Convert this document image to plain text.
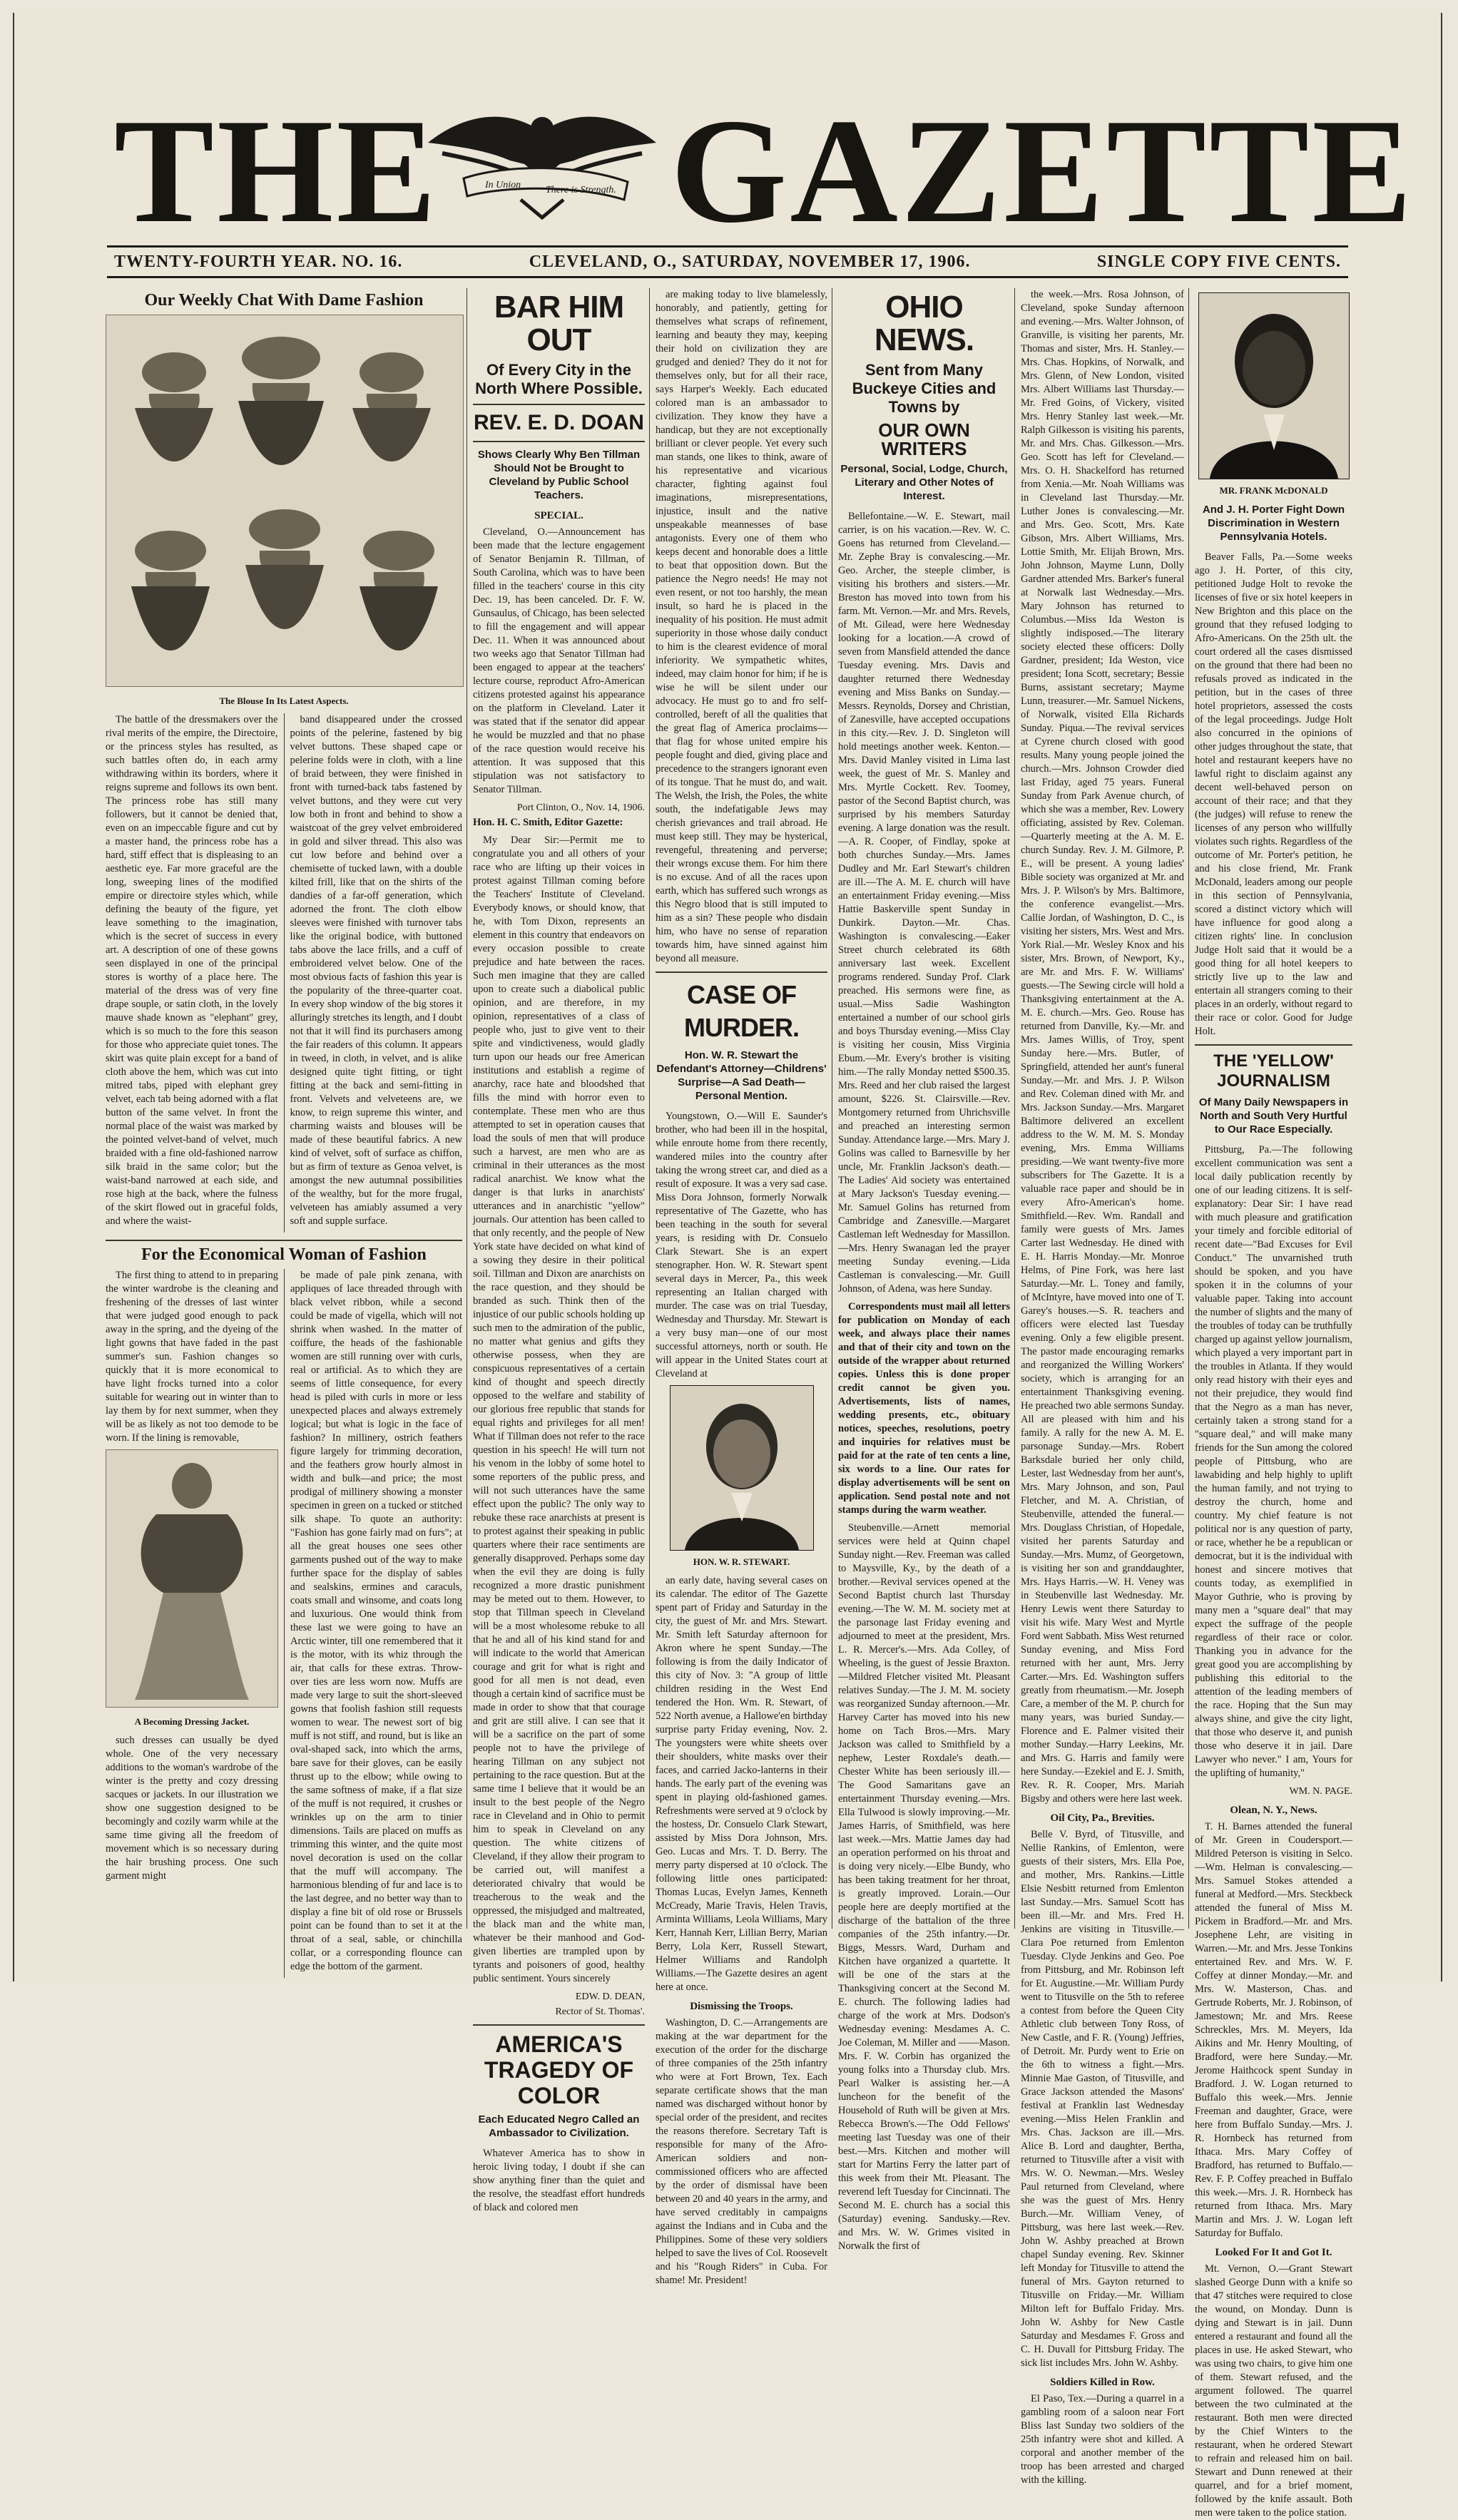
THE	In Union There is Strength. GAZETTE
TWENTY-FOURTH YEAR. NO. 16.	CLEVELAND, O., SATURDAY, NOVEMBER 17, 1906.	SINGLE COPY FIVE CENTS.
Our Weekly Chat With Dame Fashion
The Blouse In Its Latest Aspects.

The battle of the dressmakers over the rival merits of the empire, the Directoire, or the princess styles has resulted, as such battles often do, in each army withdrawing within its borders, where it reigns supreme and follows its own bent. The princess robe has still many followers, but it cannot be denied that, even on an impeccable figure and cut by a master hand, the princess robe has a hard, stiff effect that is displeasing to an aesthetic eye. Far more graceful are the long, sweeping lines of the modified empire or directoire styles which, while defining the beauty of the figure, yet leave something to the imagination, which is the secret of success in every art. A description of one of these gowns seen displayed in one of the principal stores is worthy of a place here. The material of the dress was of very fine drape souple, or satin cloth, in the lovely mauve shade known as "elephant" grey, which is so much to the fore this season for those who appreciate quiet tones. The skirt was quite plain except for a band of cloth above the hem, which was cut into mitred tabs, piped with elephant grey velvet, each tab being adorned with a flat button of the same velvet. In front the normal place of the waist was marked by the pointed velvet-band of velvet, much braided with a fine old-fashioned narrow silk braid in the same color; but the waist-band narrowed at each side, and rose high at the back, where the fulness of the skirt flowed out in graceful folds, and where the waist-

band disappeared under the crossed points of the pelerine, fastened by big velvet buttons. These shaped cape or pelerine folds were in cloth, with a line of braid between, they were finished in front with turned-back tabs fastened by velvet buttons, and they were cut very low both in front and behind to show a waistcoat of the grey velvet embroidered in gold and silver thread. This also was cut low before and behind over a chemisette of tucked lawn, with a double kilted frill, like that on the shirts of the dandies of a far-off generation, which adorned the front. The cloth elbow sleeves were finished with turnover tabs like the original bodice, with buttoned tabs above the lace frills, and a cuff of embroidered velvet below. One of the most obvious facts of fashion this year is the popularity of the three-quarter coat. In every shop window of the big stores it alluringly stretches its length, and I doubt not that it will find its purchasers among the fair readers of this column. It appears in tweed, in cloth, in velvet, and is alike designed quite tight fitting, or tight fitting at the back and semi-fitting in front. Velvets and velveteens are, we know, to reign supreme this winter, and charming waists and blouses will be made of these beautiful fabrics. A new kind of velvet, soft of surface as chiffon, but as firm of texture as Genoa velvet, is amongst the new autumnal possibilities of the wealthy, but for the more frugal, velveteen has amiably assumed a very soft and supple surface.

For the Economical Woman of Fashion

The first thing to attend to in preparing the winter wardrobe is the cleaning and freshening of the dresses of last winter that were judged good enough to pack away in the spring, and the dyeing of the light gowns that have faded in the past summer's sun. Fashion changes so quickly that it is more economical to have light frocks turned into a color suitable for wearing out in winter than to lay them by for next summer, when they will be as likely as not too demode to be worn. If the lining is removable,

A Becoming Dressing Jacket.

such dresses can usually be dyed whole. One of the very necessary additions to the woman's wardrobe of the winter is the pretty and cozy dressing sacques or jackets. In our illustration we show one suggestion designed to be becomingly and cozily warm while at the same time giving all the freedom of movement which is so necessary during the hair brushing process. One such garment might

be made of pale pink zenana, with appliques of lace threaded through with black velvet ribbon, while a second could be made of vigella, which will not shrink when washed. In the matter of coiffure, the heads of the fashionable women are still running over with curls, real or artificial. As to which they are seems of little consequence, for every head is piled with curls in more or less unexpected places and always extremely logical; but what is logic in the face of fashion? In millinery, ostrich feathers figure largely for trimming decoration, and the feathers grow hourly almost in width and bulk—and price; the most prodigal of millinery showing a monster specimen in green on a tucked or stitched silk shape. To quote an authority: "Fashion has gone fairly mad on furs"; at all the great houses one sees other garments pushed out of the way to make further space for the display of sables and sealskins, ermines and caraculs, coats small and winsome, and coats long and luxurious. One would think from these last we were going to have an Arctic winter, till one remembered that it is the motor, with its whiz through the air, that calls for these extras. Throw-over ties are less worn now. Muffs are made very large to suit the short-sleeved gowns that foolish fashion still requests women to wear. The newest sort of big muff is not stiff, and round, but is like an oval-shaped sack, into which the arms, bare save for their gloves, can be easily thrust up to the elbow; while owing to the same softness of make, if a flat size of the muff is not required, it crushes or wrinkles up on the arm to tinier dimensions. Tails are placed on muffs as trimming this winter, and the quite most novel decoration is used on the collar that the muff will accompany. The harmonious blending of fur and lace is to the last degree, and no better way than to display a fine bit of old rose or Brussels point can be found than to set it at the throat of a seal, sable, or chinchilla collar, or a corresponding flounce can edge the bottom of the garment.

BAR HIM OUT
Of Every City in the North Where Possible.
REV. E. D. DOAN
Shows Clearly Why Ben Tillman Should Not be Brought to Cleveland by Public School Teachers.
SPECIAL.

Cleveland, O.—Announcement has been made that the lecture engagement of Senator Benjamin R. Tillman, of South Carolina, which was to have been filled in the teachers' course in this city Dec. 19, has been canceled. Dr. F. W. Gunsaulus, of Chicago, has been selected to fill the engagement and will appear Dec. 11. When it was announced about two weeks ago that Senator Tillman had been engaged to appear at the teachers' lecture course, reproduct Afro-American citizens protested against his appearance on the platform in Cleveland. Later it was stated that if the senator did appear he would be muzzled and that no phase of the race question would receive his attention. It was supposed that this stipulation was not satisfactory to Senator Tillman.

Port Clinton, O., Nov. 14, 1906.

Hon. H. C. Smith, Editor Gazette:

My Dear Sir:—Permit me to congratulate you and all others of your race who are lifting up their voices in protest against Tillman coming before the Teachers' Institute of Cleveland. Everybody knows, or should know, that he, with Tom Dixon, represents an element in this country that endeavors on every occasion possible to create prejudice and hate between the races. Such men imagine that they are called upon to create such a diabolical public opinion, and are therefore, in my opinion, representatives of a class of people who, just to give vent to their spite and vindictiveness, would gladly turn upon our heads our free American institutions and establish a regime of anarchy, race hate and bloodshed that fills the mind with horror even to contemplate. These men who are thus attempted to set in operation causes that load the souls of men that will produce such a harvest, are men who are as criminal in their utterances as the most radical anarchist. We know what the danger is that lurks in anarchists' utterances and in anarchistic "yellow" journals. Our attention has been called to that only recently, and the people of New York state have decided on what kind of a sowing they desire in their political soil. Tillman and Dixon are anarchists on the race question, and they should be branded as such. Think then of the injustice of our public schools holding up such men to the admiration of the public, no matter what genius and gifts they otherwise possess, when they are conspicuous representatives of a certain kind of thought and speech directly opposed to the welfare and stability of our glorious free republic that stands for equal rights and privileges for all men! What if Tillman does not refer to the race question in his speech! He will turn not his venom in the lobby of some hotel to some reporters of the public press, and will not such utterances have the same effect upon the public? The only way to rebuke these race anarchists at present is to protest against their speaking in public quarters where their race sentiments are generally disapproved. Perhaps some day when the evil they are doing is fully recognized a more drastic punishment may be meted out to them. However, to stop that Tillman speech in Cleveland will be a most wholesome rebuke to all that he and all of his kind stand for and will indicate to the world that American courage and grit for what is right and good for all men is not dead, even though a certain kind of sacrifice must be made in order to show that that courage and grit are still alive. I can see that it will be a sacrifice on the part of some people not to have the privilege of hearing Tillman on any subject not pertaining to the race question. But at the same time I believe that it would be an insult to the best people of the Negro race in Cleveland and in Ohio to permit him to speak in Cleveland on any question. The white citizens of Cleveland, if they allow their program to be carried out, will manifest a deteriorated chivalry that would be treacherous to the weak and the oppressed, the misjudged and maltreated, the black man and the white man, whatever be their manhood and God-given liberties are trampled upon by tyrants and poisoners of good, healthy public sentiment. Yours sincerely

EDW. D. DEAN,

Rector of St. Thomas'.

AMERICA'S TRAGEDY OF COLOR
Each Educated Negro Called an Ambassador to Civilization.

Whatever America has to show in heroic living today, I doubt if she can show anything finer than the quiet and the resolve, the steadfast effort hundreds of black and colored men

are making today to live blamelessly, honorably, and patiently, getting for themselves what scraps of refinement, learning and beauty they may, keeping their hold on civilization they are grudged and denied? They do it not for themselves only, but for all their race, says Harper's Weekly. Each educated colored man is an ambassador to civilization. They know they have a handicap, but they are not exceptionally brilliant or clever people. Yet every such man stands, one likes to think, aware of his representative and vicarious character, fighting against foul imaginations, misrepresentations, injustice, insult and the native unspeakable meannesses of base antagonists. Every one of them who keeps decent and honorable does a little to beat that opposition down. But the patience the Negro needs! He may not even resent, or not too harshly, the mean insult, so hard he is placed in the inequality of his position. He must admit superiority in those whose daily conduct to him is the clearest evidence of moral inferiority. We sympathetic whites, indeed, may claim honor for him; if he is wise he will be silent under our advocacy. He must go to and fro self-controlled, bereft of all the qualities that the great flag of America proclaims—that flag for whose united empire his people fought and died, giving place and precedence to the strangers ignorant even of its tongue. That he must do, and wait. The Welsh, the Irish, the Poles, the white south, the indefatigable Jews may cherish grievances and trail abroad. He must keep still. They may be hysterical, revengeful, threatening and perverse; their wrongs excuse them. For him there is no excuse. And of all the races upon earth, which has suffered such wrongs as this Negro blood that is still imputed to him as a sin? These people who disdain him, who have no sense of reparation towards him, have sinned against him beyond all measure.

CASE OF MURDER.
Hon. W. R. Stewart the Defendant's Attorney—Childrens' Surprise—A Sad Death—Personal Mention.

Youngstown, O.—Will E. Saunder's brother, who had been ill in the hospital, while enroute home from there recently, wandered miles into the country after taking the wrong street car, and died as a result of exposure. It was a very sad case. Miss Dora Johnson, formerly Norwalk representative of The Gazette, who has been teaching in the south for several years, is residing with Dr. Consuelo Clark Stewart. She is an expert stenographer. Hon. W. R. Stewart spent several days in Mercer, Pa., this week representing an Italian charged with murder. The case was on trial Tuesday, Wednesday and Thursday. Mr. Stewart is a very busy man—one of our most successful attorneys, north or south. He will appear in the United States court at Cleveland at

HON. W. R. STEWART.

an early date, having several cases on its calendar. The editor of The Gazette spent part of Friday and Saturday in the city, the guest of Mr. and Mrs. Stewart. Mr. Smith left Saturday afternoon for Akron where he spent Sunday.—The following is from the daily Indicator of this city of Nov. 3: "A group of little children residing in the West End tendered the Hon. Wm. R. Stewart, of 522 North avenue, a Hallowe'en birthday surprise party Friday evening, Nov. 2. The youngsters were white sheets over their shoulders, white masks over their faces, and carried Jacko-lanterns in their hands. The early part of the evening was spent in playing old-fashioned games. Refreshments were served at 9 o'clock by the hostess, Dr. Consuelo Clark Stewart, assisted by Miss Dora Johnson, Mrs. Geo. Lucas and Mrs. T. D. Berry. The merry party dispersed at 10 o'clock. The following little ones participated: Thomas Lucas, Evelyn James, Kenneth McCready, Marie Travis, Helen Travis, Arminta Williams, Leola Williams, Mary Kerr, Hannah Kerr, Lillian Berry, Marian Berry, Lola Kerr, Russell Stewart, Helmer Williams and Randolph Williams.—The Gazette desires an agent here at once.

Dismissing the Troops.

Washington, D. C.—Arrangements are making at the war department for the execution of the order for the discharge of three companies of the 25th infantry who were at Fort Brown, Tex. Each separate certificate shows that the man named was discharged without honor by special order of the president, and recites the reasons therefore. Secretary Taft is responsible for many of the Afro-American soldiers and non-commissioned officers who are affected by the order of dismissal have been between 20 and 40 years in the army, and have served creditably in campaigns against the Indians and in Cuba and the Philippines. Some of these very soldiers helped to save the lives of Col. Roosevelt and his "Rough Riders" in Cuba. For shame! Mr. President!

OHIO NEWS.
Sent from Many Buckeye Cities and Towns by
OUR OWN WRITERS
Personal, Social, Lodge, Church, Literary and Other Notes of Interest.

Bellefontaine.—W. E. Stewart, mail carrier, is on his vacation.—Rev. W. C. Goens has returned from Cleveland.—Mr. Zephe Bray is convalescing.—Mr. Geo. Archer, the steeple climber, is visiting his brothers and sisters.—Mr. Breston has moved into town from his farm. Mt. Vernon.—Mr. and Mrs. Revels, of Mt. Gilead, were here Wednesday looking for a location.—A crowd of seven from Mansfield attended the dance Tuesday evening. Mrs. Davis and daughter returned there Wednesday evening and Miss Banks on Sunday.—Messrs. Reynolds, Dorsey and Christian, of Zanesville, have accepted occupations in this city.—Rev. J. D. Singleton will hold meetings another week. Kenton.—Mrs. David Manley visited in Lima last week, the guest of Mr. S. Manley and Mrs. Myrtle Cockett. Rev. Toomey, pastor of the Second Baptist church, was surprised by his members Saturday evening. A large donation was the result.—A. R. Cooper, of Findlay, spoke at both churches Sunday.—Mrs. James Dudley and Mr. Earl Stewart's children are ill.—The A. M. E. church will have an entertainment Friday evening.—Miss Hattie Baskerville spent Sunday in Dunkirk. Dayton.—Mr. Chas. Washington is convalescing.—Eaker Street church celebrated its 68th anniversary last week. Excellent programs rendered. Sunday Prof. Clark preached. His sermons were fine, as usual.—Miss Sadie Washington entertained a number of our school girls and boys Thursday evening.—Miss Clay is visiting her cousin, Miss Virginia Ebum.—Mr. Every's brother is visiting him.—The rally Monday netted $500.35. Mrs. Reed and her club raised the largest amount, $226. St. Clairsville.—Rev. Montgomery returned from Uhrichsville and preached an interesting sermon Sunday. Attendance large.—Mrs. Mary J. Golins was called to Barnesville by her uncle, Mr. Franklin Jackson's death.—The Ladies' Aid society was entertained at Mary Jackson's Tuesday evening.—Mr. Samuel Golins has returned from Cambridge and Zanesville.—Margaret Castleman left Wednesday for Massillon.—Mrs. Henry Swanagan led the prayer meeting Sunday evening.—Lida Castleman is convalescing.—Mr. Guill Johnson, of Adena, was here Sunday.

Correspondents must mail all letters for publication on Monday of each week, and always place their names and that of their city and town on the outside of the wrapper about returned copies. Unless this is done proper credit cannot be given you. Advertisements, lists of names, wedding presents, etc., obituary notices, speeches, resolutions, poetry and inquiries for relatives must be paid for at the rate of ten cents a line, six words to a line. Our rates for display advertisements will be sent on application. Send postal note and not stamps during the warm weather.

Steubenville.—Arnett memorial services were held at Quinn chapel Sunday night.—Rev. Freeman was called to Maysville, Ky., by the death of a brother.—Revival services opened at the Second Baptist church last Thursday evening.—The W. M. M. society met at the parsonage last Friday evening and adjourned to meet at the president, Mrs. L. R. Mercer's.—Mrs. Ada Colley, of Wheeling, is the guest of Jessie Braxton.—Mildred Fletcher visited Mt. Pleasant relatives Sunday.—The J. M. M. society was reorganized Sunday afternoon.—Mr. Harvey Carter has moved into his new home on Tach Bros.—Mrs. Mary Jackson was called to Smithfield by a nephew, Lester Roxdale's death.—Chester White has been seriously ill.—The Good Samaritans gave an entertainment Thursday evening.—Mrs. Ella Tulwood is slowly improving.—Mr. James Harris, of Smithfield, was here last week.—Mrs. Mattie James day had an operation performed on his throat and is doing very nicely.—Elbe Bundy, who has been taking treatment for her throat, is greatly improved. Lorain.—Our people here are deeply mortified at the discharge of the battalion of the three companies of the 25th infantry.—Dr. Biggs, Messrs. Ward, Durham and Kitchen have organized a quartette. It will be one of the stars at the Thanksgiving concert at the Second M. E. church. The following ladies had charge of the work at Mrs. Dodson's Wednesday evening: Mesdames A. C. Joe Coleman, M. Miller and ——Mason. Mrs. F. W. Corbin has organized the young folks into a Thursday club. Mrs. Pearl Walker is assisting her.—A luncheon for the benefit of the Household of Ruth will be given at Mrs. Rebecca Brown's.—The Odd Fellows' meeting last Tuesday was one of their best.—Mrs. Kitchen and mother will start for Martins Ferry the latter part of this week from their Mt. Pleasant. The reverend left Tuesday for Cincinnati. The Second M. E. church has a social this (Saturday) evening. Sandusky.—Rev. and Mrs. W. W. Grimes visited in Norwalk the first of

the week.—Mrs. Rosa Johnson, of Cleveland, spoke Sunday afternoon and evening.—Mrs. Walter Johnson, of Granville, is visiting her parents, Mr. Thomas and sister, Mrs. H. Stanley.—Mrs. Chas. Hopkins, of Norwalk, and Mrs. Glenn, of New London, visited Mrs. Albert Williams last Thursday.—Mr. Fred Goins, of Vickery, visited Mrs. Henry Stanley last week.—Mr. Ralph Gilkesson is visiting his parents, Mr. and Mrs. Chas. Gilkesson.—Mrs. Geo. Scott has left for Cleveland.—Mrs. O. H. Shackelford has returned from Xenia.—Mr. Noah Williams was in Cleveland last Thursday.—Mr. Luther Jones is convalescing.—Mr. and Mrs. Geo. Scott, Mrs. Kate Gibson, Mrs. Albert Williams, Mrs. Lottie Smith, Mr. Elijah Brown, Mrs. John Johnson, Mayme Lunn, Dolly Gardner attended Mrs. Barker's funeral at Norwalk last Wednesday.—Mrs. Mary Johnson has returned to Columbus.—Miss Ida Weston is slightly indisposed.—The literary society elected these officers: Dolly Gardner, president; Ida Weston, vice president; Iona Scott, secretary; Bessie Burns, assistant secretary; Mayme Lunn, treasurer.—Mr. Samuel Nickens, of Norwalk, visited Ella Richards Sunday. Piqua.—The revival services at Cyrene church closed with good results. Many young people joined the church.—Mrs. Johnson Crowder died last Friday, aged 75 years. Funeral Sunday from Park Avenue church, of which she was a member, Rev. Lowery officiating, assisted by Rev. Coleman.—Quarterly meeting at the A. M. E. church Sunday. Rev. J. M. Gilmore, P. E., will be present. A young ladies' Bible society was organized at Mr. and Mrs. J. P. Wilson's by Mrs. Baltimore, the conference evangelist.—Mrs. Callie Jordan, of Washington, D. C., is visiting her sisters, Mrs. West and Mrs. York Rial.—Mr. Wesley Knox and his sister, Mrs. Brown, of Newport, Ky., are Mr. and Mrs. F. W. Williams' guests.—The Sewing circle will hold a Thanksgiving entertainment at the A. M. E. church.—Mrs. Geo. Rouse has returned from Danville, Ky.—Mr. and Mrs. James Willis, of Troy, spent Sunday here.—Mrs. Butler, of Springfield, attended her aunt's funeral Sunday.—Mr. and Mrs. J. P. Wilson and Rev. Coleman dined with Mr. and Mrs. Jackson Sunday.—Mrs. Margaret Baltimore delivered an excellent address to the W. M. M. S. Monday evening, Mrs. Emma Williams presiding.—We want twenty-five more subscribers for The Gazette. It is a valuable race paper and should be in every Afro-American's home. Smithfield.—Rev. Wm. Randall and family were guests of Mrs. James Carter last Wednesday. He dined with E. H. Harris Monday.—Mr. Monroe Helms, of Pine Fork, was here last Saturday.—Mr. L. Toney and family, of McIntyre, have moved into one of T. Garey's houses.—S. R. teachers and officers were elected last Tuesday evening. Only a few eligible present. The pastor made encouraging remarks and reorganized the Willing Workers' society, which is arranging for an entertainment Thanksgiving evening. He preached two able sermons Sunday. All are pleased with him and his family. A rally for the new A. M. E. parsonage Sunday.—Mrs. Robert Barksdale buried her only child, Lester, last Wednesday from her aunt's, Mrs. Mary Johnson, and son, Paul Fletcher, and M. A. Christian, of Steubenville, attended the funeral.—Mrs. Douglass Christian, of Hopedale, visited her parents Saturday and Sunday.—Mrs. Mumz, of Georgetown, is visiting her son and granddaughter, Mrs. Hays Harris.—W. H. Veney was in Steubenville last Wednesday. Mr. Henry Lewis went there Saturday to visit his wife. Mary West and Myrtle Ford went Sabbath. Miss West returned Sunday evening, and Miss Ford returned with her aunt, Mrs. Jerry Carter.—Mrs. Ed. Washington suffers greatly from rheumatism.—Mr. Joseph Care, a member of the M. P. church for many years, was buried Sunday.—Florence and E. Palmer visited their mother Sunday.—Harry Leekins, Mr. and Mrs. G. Harris and family were here Sunday.—Ezekiel and E. J. Smith, Rev. R. R. Cooper, Mrs. Mariah Bigsby and others were here last week.

Oil City, Pa., Brevities.

Belle V. Byrd, of Titusville, and Nellie Rankins, of Emlenton, were guests of their sisters, Mrs. Ella Poe, and mother, Mrs. Rankins.—Little Elsie Nesbitt returned from Emlenton last Sunday.—Mrs. Samuel Scott has been ill.—Mr. and Mrs. Fred H. Jenkins are visiting in Titusville.—Clara Poe returned from Emlenton Tuesday. Clyde Jenkins and Geo. Poe from Pittsburg, and Mr. Robinson left for Et. Augustine.—Mr. William Purdy went to Titusville on the 5th to referee a contest from before the Queen City Athletic club between Tony Ross, of New Castle, and F. R. (Young) Jeffries, of Detroit. Mr. Purdy went to Erie on the 6th to witness a fight.—Mrs. Minnie Mae Gaston, of Titusville, and Grace Jackson attended the Masons' festival at Franklin last Wednesday evening.—Miss Helen Franklin and Mrs. Chas. Jackson are ill.—Mrs. Alice B. Lord and daughter, Bertha, returned to Titusville after a visit with Mrs. W. O. Newman.—Mrs. Wesley Paul returned from Cleveland, where she was the guest of Mrs. Henry Burch.—Mr. William Veney, of Pittsburg, was here last week.—Rev. John W. Ashby preached at Brown chapel Sunday evening. Rev. Skinner left Monday for Titusville to attend the funeral of Mrs. Gayton returned to Titusville on Friday.—Mr. William Milton left for Buffalo Friday. Mrs. John W. Ashby for New Castle Saturday and Mesdames F. Gross and C. H. Duvall for Pittsburg Friday. The sick list includes Mrs. John W. Ashby.

Soldiers Killed in Row.

El Paso, Tex.—During a quarrel in a gambling room of a saloon near Fort Bliss last Sunday two soldiers of the 25th infantry were shot and killed. A corporal and another member of the troop has been arrested and charged with the killing.

MR. FRANK McDONALD
And J. H. Porter Fight Down Discrimination in Western Pennsylvania Hotels.

Beaver Falls, Pa.—Some weeks ago J. H. Porter, of this city, petitioned Judge Holt to revoke the licenses of five or six hotel keepers in New Brighton and this place on the ground that they refused lodging to Afro-Americans. On the 25th ult. the court ordered all the cases dismissed on the ground that there had been no refusals proved as indicated in the petition, but in the cases of three hotel proprietors, assessed the costs of the legal proceedings. Judge Holt also concurred in the opinions of other judges throughout the state, that hotel and restaurant keepers have no lawful right to disclaim against any decent well-behaved person on account of their race; and that they (the judges) will refuse to renew the licenses of any person who willfully violates such rights. Regardless of the outcome of Mr. Porter's petition, he and his close friend, Mr. Frank McDonald, leaders among our people in this section of Pennsylvania, scored a distinct victory which will have influence for good along a citizen rights' line. In conclusion Judge Holt said that it would be a good thing for all hotel keepers to strictly live up to the law and entertain all strangers coming to their places in an orderly, without regard to their race or color. Good for Judge Holt.

THE 'YELLOW' JOURNALISM
Of Many Daily Newspapers in North and South Very Hurtful to Our Race Especially.

Pittsburg, Pa.—The following excellent communication was sent a local daily publication recently by one of our leading citizens. It is self-explanatory: Dear Sir: I have read with much pleasure and gratification your timely and forcible editorial of recent date—"Bad Excuses for Evil Conduct." The unvarnished truth should be spoken, and you have spoken it in the columns of your valuable paper. Taking into account the number of slights and the many of the troubles of today can be truthfully charged up against yellow journalism, which played a very important part in the troubles in Atlanta. If they would only read history with their eyes and not their prejudice, they would find that the Negro as a man has never, certainly taken a strong stand for a "square deal," and will make many friends for the Sun among the colored people of Pittsburg, who are lawabiding and help highly to uplift the human family, and not trying to destroy the church, home and country. My chief feature is not political nor is any question of party, or race, whether he be a republican or democrat, but it is the individual with honest and sincere motives that counts today, as exemplified in Mayor Guthrie, who is proving by many men a "square deal" that may expect the suffrage of the people regardless of their race or color. Thanking you in advance for the great good you are accomplishing by publishing this editorial to the attention of the leading members of the race. Hoping that the Sun may always shine, and give the city light, that those who deserve it, and punish those who deserve it in jail. Dare Lawyer who never." I am, Yours for the uplifting of humanity,"

WM. N. PAGE.

Olean, N. Y., News.

T. H. Barnes attended the funeral of Mr. Green in Coudersport.—Mildred Peterson is visiting in Selco.—Wm. Helman is convalescing.—Mrs. Samuel Stokes attended a funeral at Medford.—Mrs. Steckbeck attended the funeral of Miss M. Pickem in Bradford.—Mr. and Mrs. Josephene Lehr, are visiting in Warren.—Mr. and Mrs. Jesse Tonkins entertained Rev. and Mrs. W. F. Coffey at dinner Monday.—Mr. and Mrs. W. Masterson, Chas. and Gertrude Roberts, Mr. J. Robinson, of Jamestown; Mr. and Mrs. Reese Schreckles, Mrs. M. Meyers, Ida Aikins and Mr. Henry Moulting, of Bradford, were here Sunday.—Mr. Jerome Haithcock spent Sunday in Bradford. J. W. Logan returned to Buffalo this week.—Mrs. Jennie Freeman and daughter, Grace, were here from Buffalo Sunday.—Mrs. J. R. Hornbeck has returned from Ithaca. Mrs. Mary Coffey of Bradford, has returned to Buffalo.—Rev. F. P. Coffey preached in Buffalo this week.—Mrs. J. R. Hornbeck has returned from Ithaca. Mrs. Mary Martin and Mrs. J. W. Logan left Saturday for Buffalo.

Looked For It and Got It.

Mt. Vernon, O.—Grant Stewart slashed George Dunn with a knife so that 47 stitches were required to close the wound, on Monday. Dunn is dying and Stewart is in jail. Dunn entered a restaurant and found all the places in use. He asked Stewart, who was using two chairs, to give him one of them. Stewart refused, and the argument followed. The quarrel between the two culminated at the restaurant. Both men were directed by the Chief Winters to the restaurant, when he ordered Stewart to refrain and released him on bail. Stewart and Dunn renewed at their quarrel, and for a brief moment, followed by the knife assault. Both men were taken to the police station.
